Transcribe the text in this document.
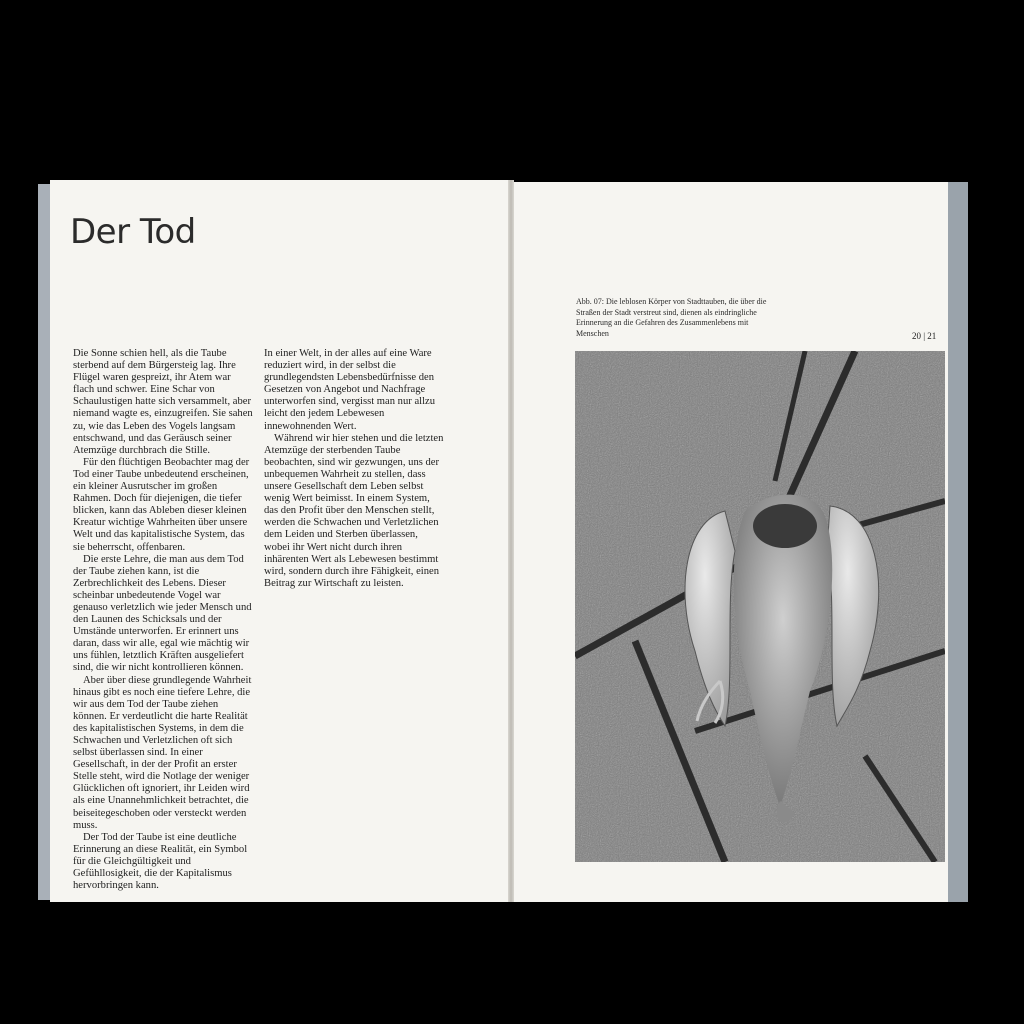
Der Tod

Die Sonne schien hell, als die Taube sterbend auf dem Bürgersteig lag. Ihre Flügel waren gespreizt, ihr Atem war flach und schwer. Eine Schar von Schaulustigen hatte sich versammelt, aber niemand wagte es, einzugreifen. Sie sahen zu, wie das Leben des Vogels langsam entschwand, und das Geräusch seiner Atemzüge durchbrach die Stille.

Für den flüchtigen Beobachter mag der Tod einer Taube unbedeutend erscheinen, ein kleiner Ausrutscher im großen Rahmen. Doch für diejenigen, die tiefer blicken, kann das Ableben dieser kleinen Kreatur wichtige Wahrheiten über unsere Welt und das kapitalistische System, das sie beherrscht, offenbaren.

Die erste Lehre, die man aus dem Tod der Taube ziehen kann, ist die Zerbrechlichkeit des Lebens. Dieser scheinbar unbedeutende Vogel war genauso verletzlich wie jeder Mensch und den Launen des Schicksals und der Umstände unterworfen. Er erinnert uns daran, dass wir alle, egal wie mächtig wir uns fühlen, letztlich Kräften ausgeliefert sind, die wir nicht kontrollieren können.

Aber über diese grundlegende Wahrheit hinaus gibt es noch eine tiefere Lehre, die wir aus dem Tod der Taube ziehen können. Er verdeutlicht die harte Realität des kapitalistischen Systems, in dem die Schwachen und Verletzlichen oft sich selbst überlassen sind. In einer Gesellschaft, in der der Profit an erster Stelle steht, wird die Notlage der weniger Glücklichen oft ignoriert, ihr Leiden wird als eine Unannehmlichkeit betrachtet, die beiseitegeschoben oder versteckt werden muss.

Der Tod der Taube ist eine deutliche Erinnerung an diese Realität, ein Symbol für die Gleichgültigkeit und Gefühllosigkeit, die der Kapitalismus hervorbringen kann.

In einer Welt, in der alles auf eine Ware reduziert wird, in der selbst die grundlegendsten Lebensbedürfnisse den Gesetzen von Angebot und Nachfrage unterworfen sind, vergisst man nur allzu leicht den jedem Lebewesen innewohnenden Wert.

Während wir hier stehen und die letzten Atemzüge der sterbenden Taube beobachten, sind wir gezwungen, uns der unbequemen Wahrheit zu stellen, dass unsere Gesellschaft dem Leben selbst wenig Wert beimisst. In einem System, das den Profit über den Menschen stellt, werden die Schwachen und Verletzlichen dem Leiden und Sterben überlassen, wobei ihr Wert nicht durch ihren inhärenten Wert als Lebewesen bestimmt wird, sondern durch ihre Fähigkeit, einen Beitrag zur Wirtschaft zu leisten.

Abb. 07: Die leblosen Körper von Stadttauben, die über die Straßen der Stadt verstreut sind, dienen als eindringliche Erinnerung an die Gefahren des Zusammenlebens mit Menschen	20 | 21
